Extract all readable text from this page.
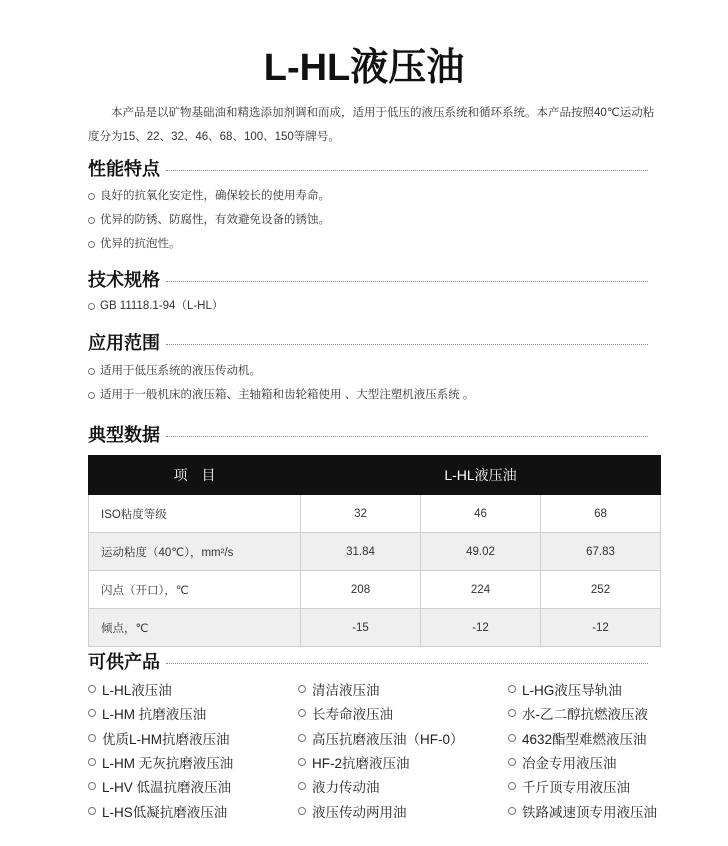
L-HL液压油
本产品是以矿物基础油和精选添加剂调和而成，适用于低压的液压系统和循环系统。本产品按照40℃运动粘度分为15、22、32、46、68、100、150等牌号。
性能特点
良好的抗氧化安定性，确保较长的使用寿命。
优异的防锈、防腐性，有效避免设备的锈蚀。
优异的抗泡性。
技术规格
GB 11118.1-94（L-HL）
应用范围
适用于低压系统的液压传动机。
适用于一般机床的液压箱、主轴箱和齿轮箱使用 、大型注塑机液压系统 。
典型数据
项　目	L-HL液压油		
ISO粘度等级	32	46	68
运动粘度（40℃），mm²/s	31.84	49.02	67.83
闪点（开口），℃	208	224	252
倾点，℃	-15	-12	-12
可供产品
L-HL液压油	清洁液压油	L-HG液压导轨油
L-HM 抗磨液压油	长寿命液压油	水-乙二醇抗燃液压液
优质L-HM抗磨液压油	高压抗磨液压油（HF-0）	4632酯型难燃液压油
L-HM 无灰抗磨液压油	HF-2抗磨液压油	冶金专用液压油
L-HV 低温抗磨液压油	液力传动油	千斤顶专用液压油
L-HS低凝抗磨液压油	液压传动两用油	铁路减速顶专用液压油
